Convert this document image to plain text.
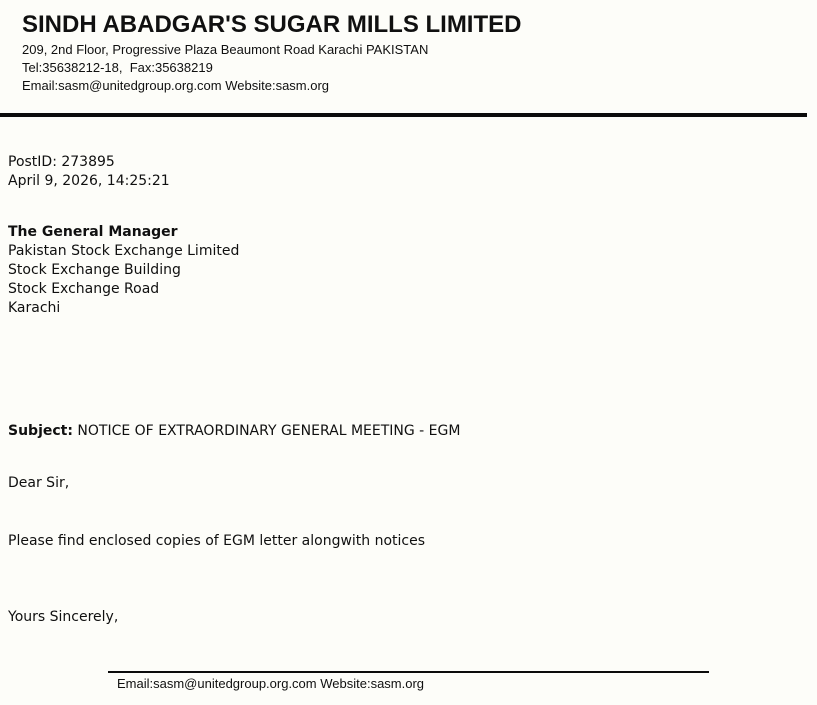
SINDH ABADGAR'S SUGAR MILLS LIMITED
209, 2nd Floor, Progressive Plaza Beaumont Road Karachi PAKISTAN
Tel:35638212-18,  Fax:35638219
Email:sasm@unitedgroup.org.com Website:sasm.org
PostID: 273895
April 9, 2026, 14:25:21
The General Manager
Pakistan Stock Exchange Limited
Stock Exchange Building
Stock Exchange Road
Karachi
Subject: NOTICE OF EXTRAORDINARY GENERAL MEETING - EGM
Dear Sir,
Please find enclosed copies of EGM letter alongwith notices
Yours Sincerely,
Email:sasm@unitedgroup.org.com Website:sasm.org
